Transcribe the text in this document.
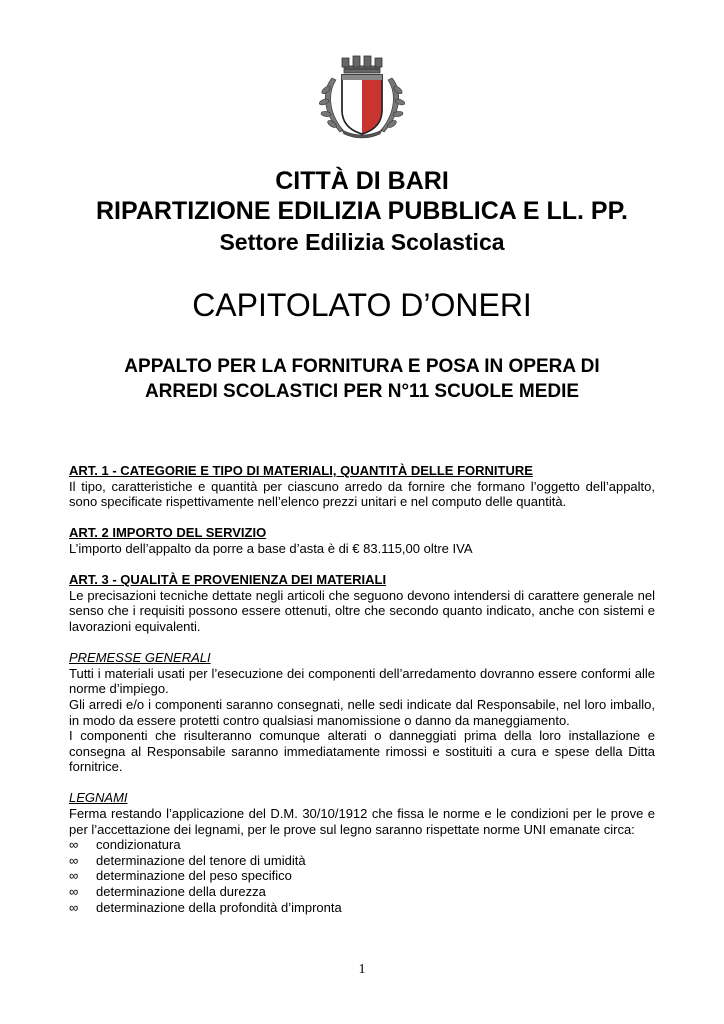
CITTÀ DI BARI
RIPARTIZIONE EDILIZIA PUBBLICA E LL. PP.
Settore Edilizia Scolastica
CAPITOLATO D’ONERI
APPALTO PER LA FORNITURA E POSA IN OPERA DI
ARREDI SCOLASTICI PER N°11 SCUOLE MEDIE

ART. 1 - CATEGORIE E TIPO DI MATERIALI, QUANTITÀ DELLE FORNITURE

Il tipo, caratteristiche e quantità per ciascuno arredo da fornire che formano l’oggetto dell’appalto, sono specificate rispettivamente nell’elenco prezzi unitari e nel computo delle quantità.

ART. 2 IMPORTO DEL SERVIZIO

L’importo dell’appalto da porre a base d’asta è di € 83.115,00 oltre IVA

ART. 3 - QUALITÀ E PROVENIENZA DEI MATERIALI

Le precisazioni tecniche dettate negli articoli che seguono devono intendersi di carattere generale nel senso che i requisiti possono essere ottenuti, oltre che secondo quanto indicato, anche con sistemi e lavorazioni equivalenti.

PREMESSE GENERALI

Tutti i materiali usati per l’esecuzione dei componenti dell’arredamento dovranno essere conformi alle norme d’impiego.

Gli arredi e/o i componenti saranno consegnati, nelle sedi indicate dal Responsabile, nel loro imballo, in modo da essere protetti contro qualsiasi manomissione o danno da maneggiamento.

I componenti che risulteranno comunque alterati o danneggiati prima della loro installazione e consegna al Responsabile saranno immediatamente rimossi e sostituiti a cura e spese della Ditta fornitrice.

LEGNAMI

Ferma restando l’applicazione del D.M. 30/10/1912 che fissa le norme e le condizioni per le prove e per l’accettazione dei legnami, per le prove sul legno saranno rispettate norme UNI emanate circa:

∞ condizionatura
∞ determinazione del tenore di umidità
∞ determinazione del peso specifico
∞ determinazione della durezza
∞ determinazione della profondità d’impronta
1
